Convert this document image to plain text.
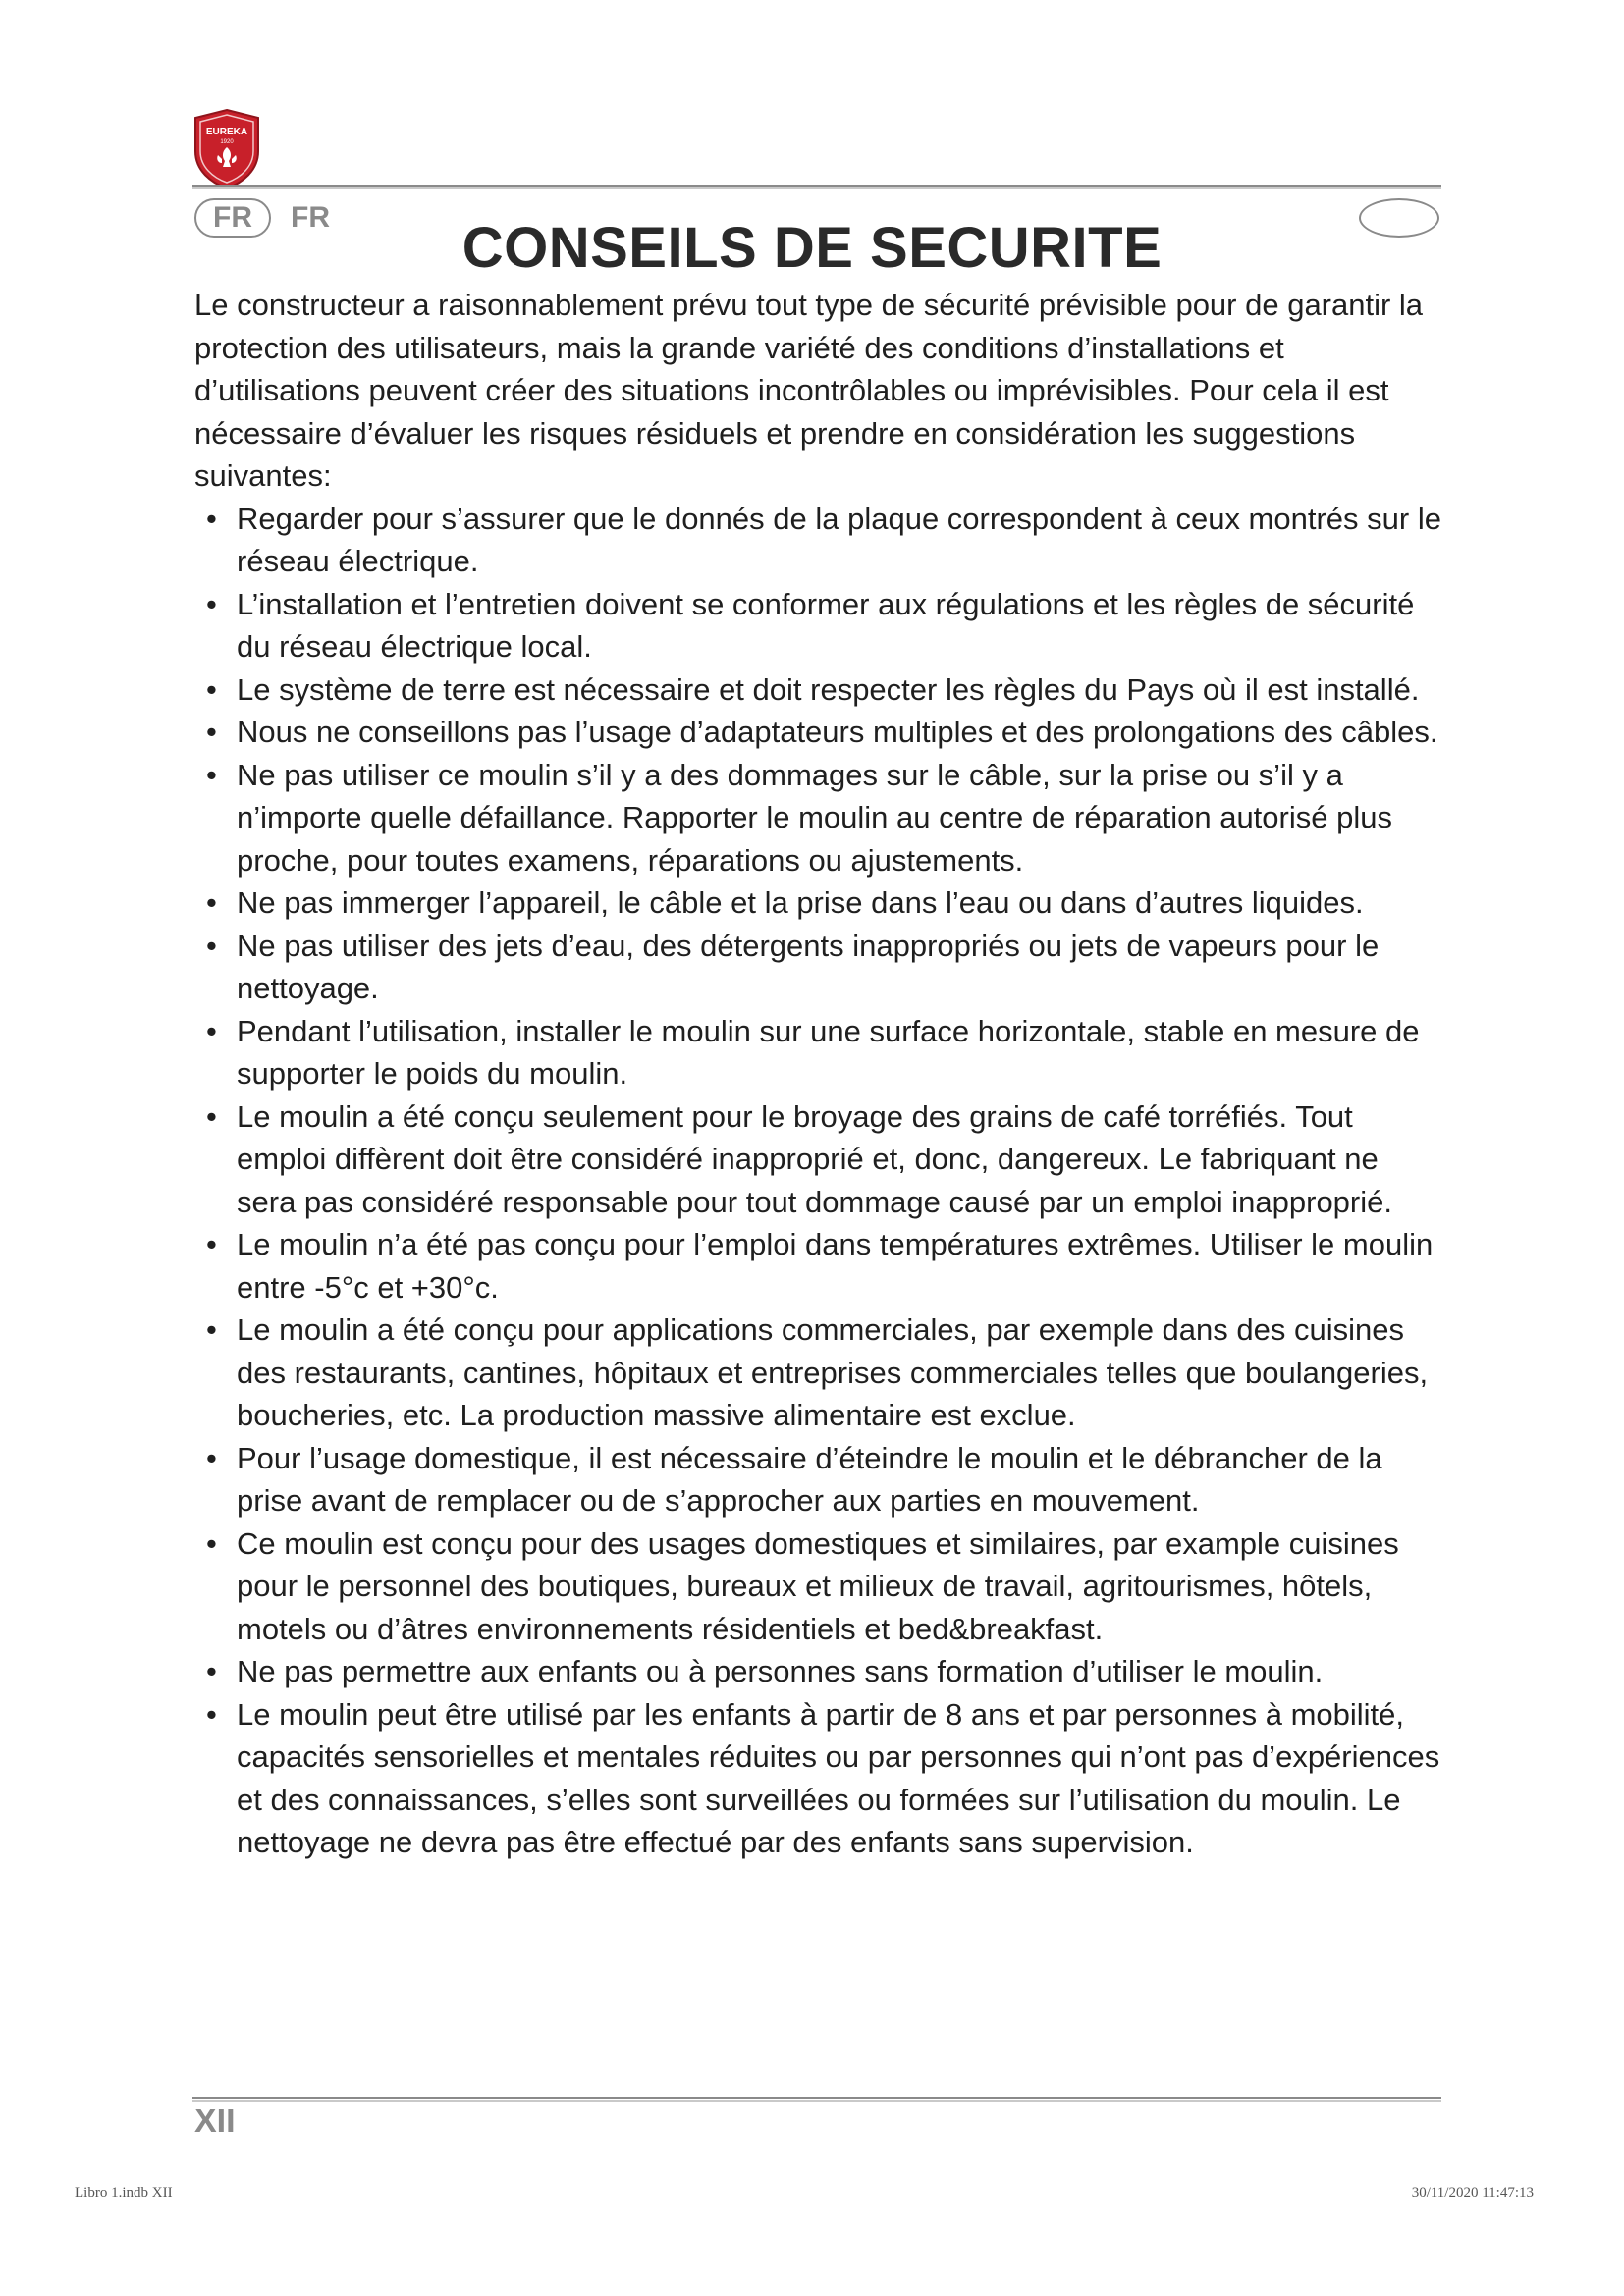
EUREKA
1920
FR	FR	CONSEILS DE SECURITE

Le constructeur a raisonnablement prévu tout type de sécurité prévisible pour de garantir la protection des utilisateurs, mais la grande variété des conditions d’installations et d’utilisations peuvent créer des situations incontrôlables ou imprévisibles. Pour cela il est nécessaire d’évaluer les risques résiduels et prendre en considération les suggestions suivantes:

• Regarder pour s’assurer que le donnés de la plaque correspondent à ceux montrés sur le réseau électrique.
• L’installation et l’entretien doivent se conformer aux régulations et les règles de sécurité du réseau électrique local.
• Le système de terre est nécessaire et doit respecter les règles du Pays où il est installé.
• Nous ne conseillons pas l’usage d’adaptateurs multiples et des prolongations des câbles.
• Ne pas utiliser ce moulin s’il y a des dommages sur le câble, sur la prise ou s’il y a n’importe quelle défaillance. Rapporter le moulin au centre de réparation autorisé plus proche, pour toutes examens, réparations ou ajustements.
• Ne pas immerger l’appareil, le câble et la prise dans l’eau ou dans d’autres liquides.
• Ne pas utiliser des jets d’eau, des détergents inappropriés ou jets de vapeurs pour le nettoyage.
• Pendant l’utilisation, installer le moulin sur une surface horizontale, stable en mesure de supporter le poids du moulin.
• Le moulin a été conçu seulement pour le broyage des grains de café torréfiés. Tout emploi diffèrent doit être considéré inapproprié et, donc, dangereux. Le fabriquant ne sera pas considéré responsable pour tout dommage causé par un emploi inapproprié.
• Le moulin n’a été pas conçu pour l’emploi dans températures extrêmes. Utiliser le moulin entre -5°c et +30°c.
• Le moulin a été conçu pour applications commerciales, par exemple dans des cuisines des restaurants, cantines, hôpitaux et entreprises commerciales telles que boulangeries, boucheries, etc. La production massive alimentaire est exclue.
• Pour l’usage domestique, il est nécessaire d’éteindre le moulin et le débrancher de la prise avant de remplacer ou de s’approcher aux parties en mouvement.
• Ce moulin est conçu pour des usages domestiques et similaires, par example cuisines pour le personnel des boutiques, bureaux et milieux de travail, agritourismes, hôtels, motels ou d’âtres environnements résidentiels et bed&breakfast.
• Ne pas permettre aux enfants ou à personnes sans formation d’utiliser le moulin.
• Le moulin peut être utilisé par les enfants à partir de 8 ans et par personnes à mobilité, capacités sensorielles et mentales réduites ou par personnes qui n’ont pas d’expériences et des connaissances, s’elles sont surveillées ou formées sur l’utilisation du moulin. Le nettoyage ne devra pas être effectué par des enfants sans supervision.
XII
Libro 1.indb XII	30/11/2020 11:47:13
